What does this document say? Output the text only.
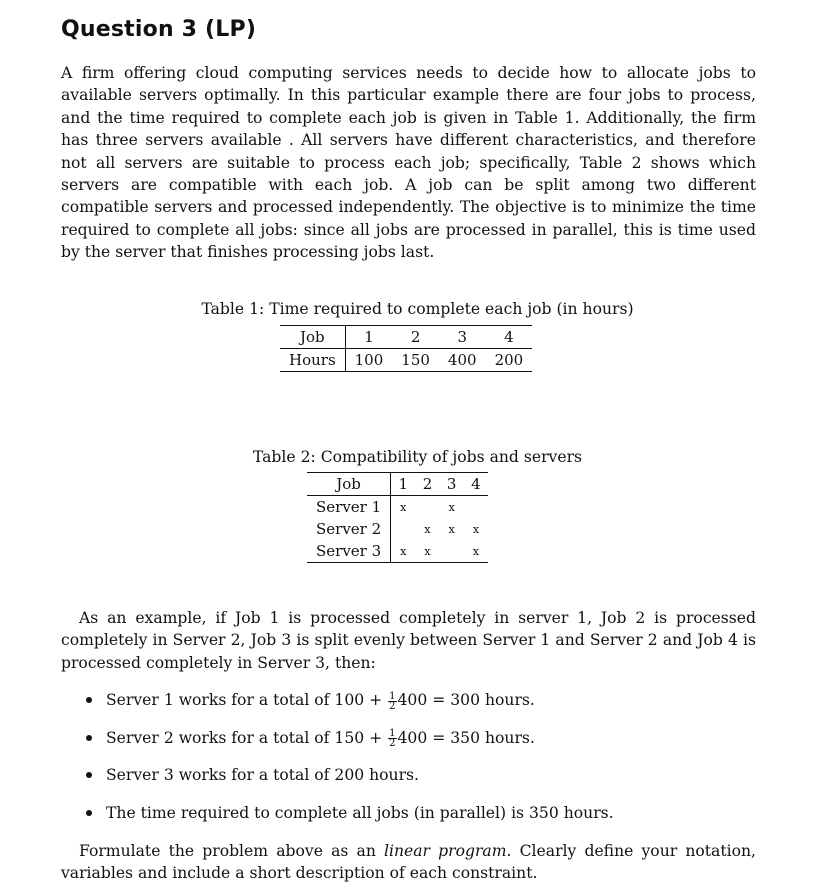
Question 3 (LP)

A firm offering cloud computing services needs to decide how to allocate jobs to available servers optimally. In this particular example there are four jobs to process, and the time required to complete each job is given in Table 1. Additionally, the firm has three servers available . All servers have different characteristics, and therefore not all servers are suitable to process each job; specifically, Table 2 shows which servers are compatible with each job. A job can be split among two different compatible servers and processed independently. The objective is to minimize the time required to complete all jobs: since all jobs are processed in parallel, this is time used by the server that finishes processing jobs last.

Table 1: Time required to complete each job (in hours)
Job	1	2	3	4
Hours	100	150	400	200
Table 2: Compatibility of jobs and servers
Job	1	2	3	4
Server 1	x		x	
Server 2		x	x	x
Server 3	x	x		x

As an example, if Job 1 is processed completely in server 1, Job 2 is processed completely in Server 2, Job 3 is split evenly between Server 1 and Server 2 and Job 4 is processed completely in Server 3, then:

Server 1 works for a total of $100 + \frac{1}{2} 400 = 300$ hours.
Server 2 works for a total of $150 + \frac{1}{2} 400 = 350$ hours.
Server 3 works for a total of 200 hours.
The time required to complete all jobs (in parallel) is 350 hours.

Formulate the problem above as an linear program. Clearly define your notation, variables and include a short description of each constraint.
